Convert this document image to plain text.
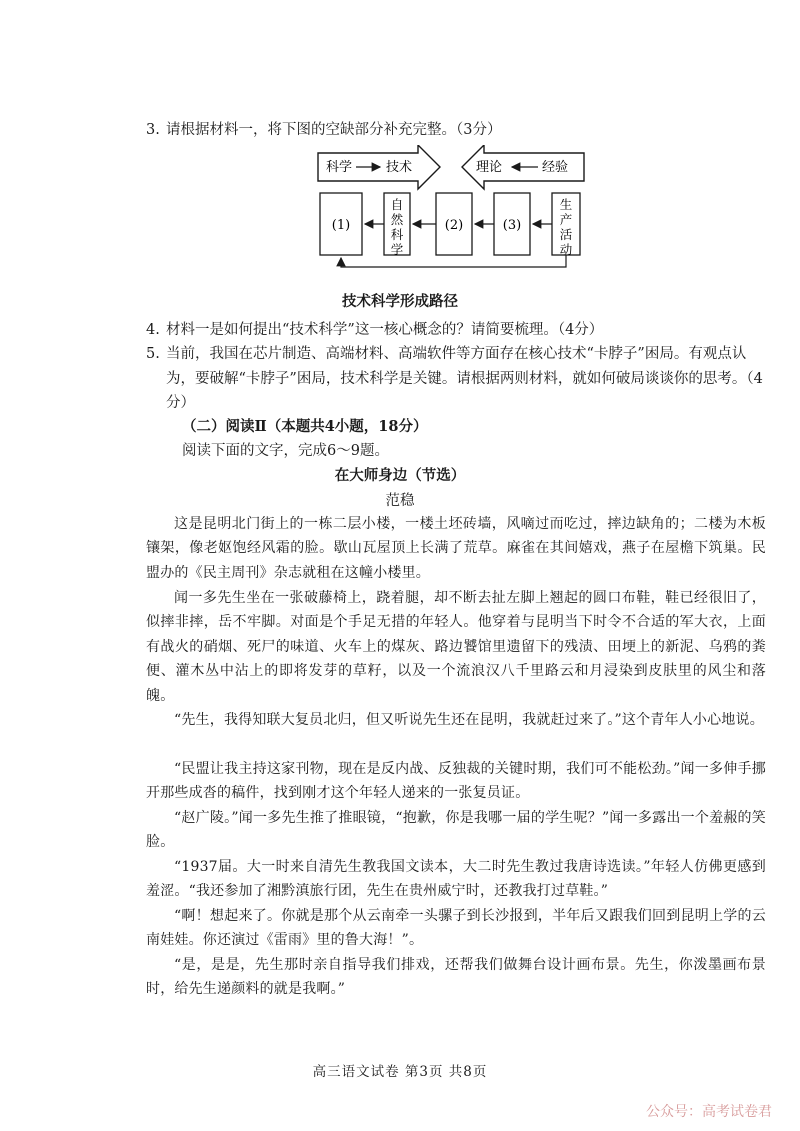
3. 请根据材料一，将下图的空缺部分补充完整。（3分）
科学	技术	理论	经验
(1)
自
然
科
学
(2)	(3)
生
产
活
动
技术科学形成路径
4. 材料一是如何提出“技术科学”这一核心概念的？请简要梳理。（4分）
5. 当前，我国在芯片制造、高端材料、高端软件等方面存在核心技术“卡脖子”困局。有观点认为，要破解“卡脖子”困局，技术科学是关键。请根据两则材料，就如何破局谈谈你的思考。（4分）
（二）阅读Ⅱ（本题共4小题，18分）
阅读下面的文字，完成6～9题。
在大师身边（节选）
范稳
这是昆明北门街上的一栋二层小楼，一楼土坯砖墙，风嘀过而吃过，摔边缺角的；二楼为木板镶架，像老妪饱经风霜的脸。歇山瓦屋顶上长满了荒草。麻雀在其间嬉戏，燕子在屋檐下筑巢。民盟办的《民主周刊》杂志就租在这幢小楼里。
闻一多先生坐在一张破藤椅上，跷着腿，却不断去扯左脚上翘起的圆口布鞋，鞋已经很旧了，似摔非摔，岳不牢脚。对面是个手足无措的年轻人。他穿着与昆明当下时令不合适的军大衣，上面有战火的硝烟、死尸的味道、火车上的煤灰、路边饕馆里遗留下的残渍、田埂上的新泥、乌鸦的粪便、灌木丛中沾上的即将发芽的草籽，以及一个流浪汉八千里路云和月浸染到皮肤里的风尘和落魄。
“先生，我得知联大复员北归，但又听说先生还在昆明，我就赶过来了。”这个青年人小心地说。
“民盟让我主持这家刊物，现在是反内战、反独裁的关键时期，我们可不能松劲。”闻一多伸手挪开那些成沓的稿件，找到刚才这个年轻人递来的一张复员证。
“赵广陵。”闻一多先生推了推眼镜，“抱歉，你是我哪一届的学生呢？”闻一多露出一个羞赧的笑脸。
“1937届。大一时来自清先生教我国文读本，大二时先生教过我唐诗选读。”年轻人仿佛更感到羞涩。“我还参加了湘黔滇旅行团，先生在贵州威宁时，还教我打过草鞋。”
“啊！想起来了。你就是那个从云南牵一头骡子到长沙报到，半年后又跟我们回到昆明上学的云南娃娃。你还演过《雷雨》里的鲁大海！”。
“是，是是，先生那时亲自指导我们排戏，还帮我们做舞台设计画布景。先生，你泼墨画布景时，给先生递颜料的就是我啊。”
高三语文试卷 第3页 共8页
公众号：高考试卷君
